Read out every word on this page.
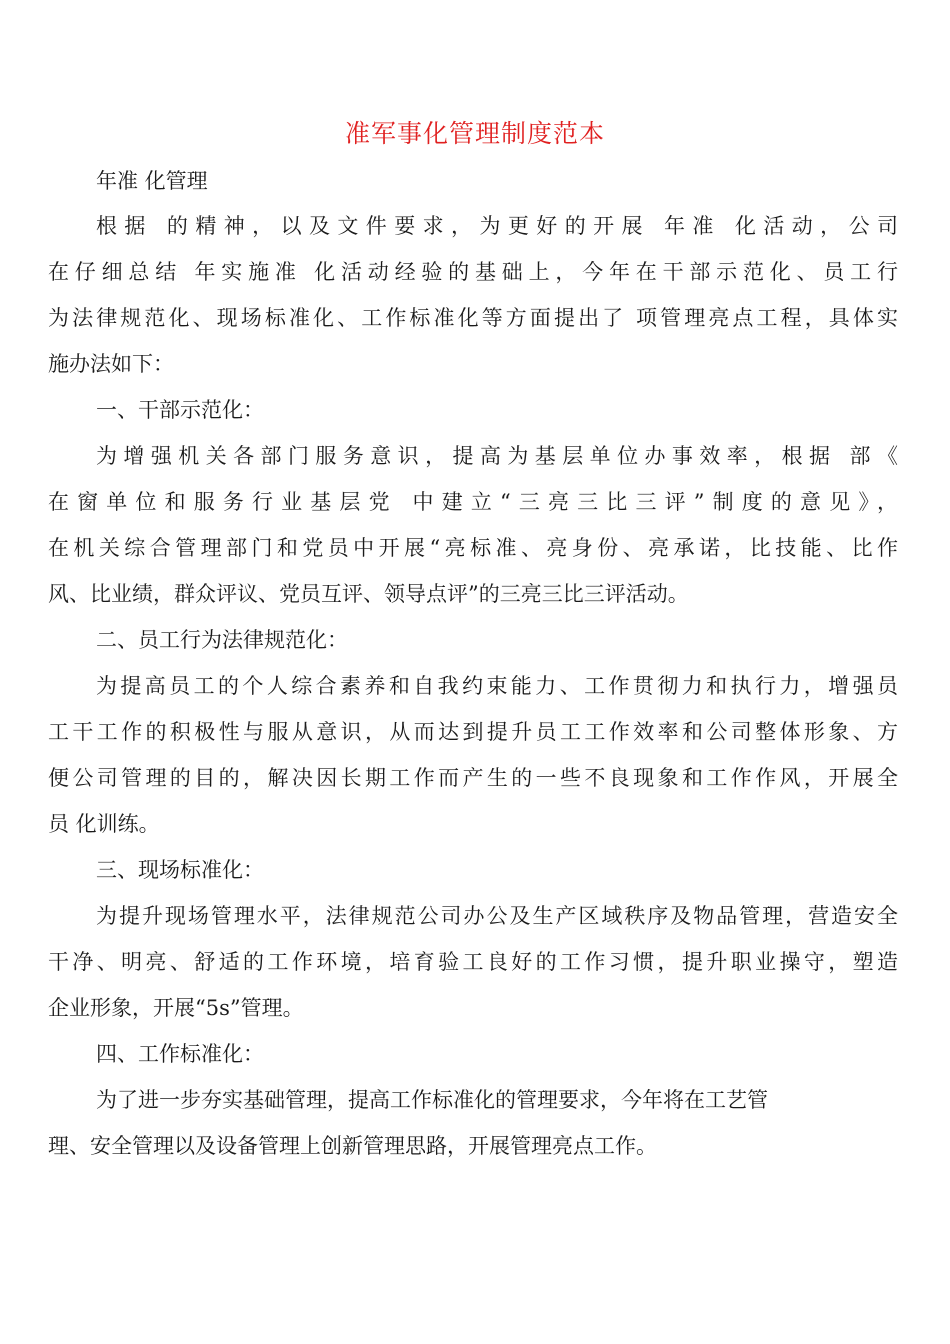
准军事化管理制度范本
年准 化管理
根据 的精神，以及文件要求，为更好的开展 年准 化活动，公司
在仔细总结 年实施准 化活动经验的基础上，今年在干部示范化、员工行
为法律规范化、现场标准化、工作标准化等方面提出了 项管理亮点工程，具体实
施办法如下：
一、干部示范化：
为增强机关各部门服务意识，提高为基层单位办事效率，根据 部《
在窗单位和服务行业基层党 中建立“三亮三比三评”制度的意见》，
在机关综合管理部门和党员中开展“亮标准、亮身份、亮承诺，比技能、比作
风、比业绩，群众评议、党员互评、领导点评”的三亮三比三评活动。
二、员工行为法律规范化：
为提高员工的个人综合素养和自我约束能力、工作贯彻力和执行力，增强员
工干工作的积极性与服从意识，从而达到提升员工工作效率和公司整体形象、方
便公司管理的目的，解决因长期工作而产生的一些不良现象和工作作风，开展全
员 化训练。
三、现场标准化：
为提升现场管理水平，法律规范公司办公及生产区域秩序及物品管理，营造安全
干净、明亮、舒适的工作环境，培育验工良好的工作习惯，提升职业操守，塑造
企业形象，开展“5s”管理。
四、工作标准化：
为了进一步夯实基础管理，提高工作标准化的管理要求，今年将在工艺管
理、安全管理以及设备管理上创新管理思路，开展管理亮点工作。
